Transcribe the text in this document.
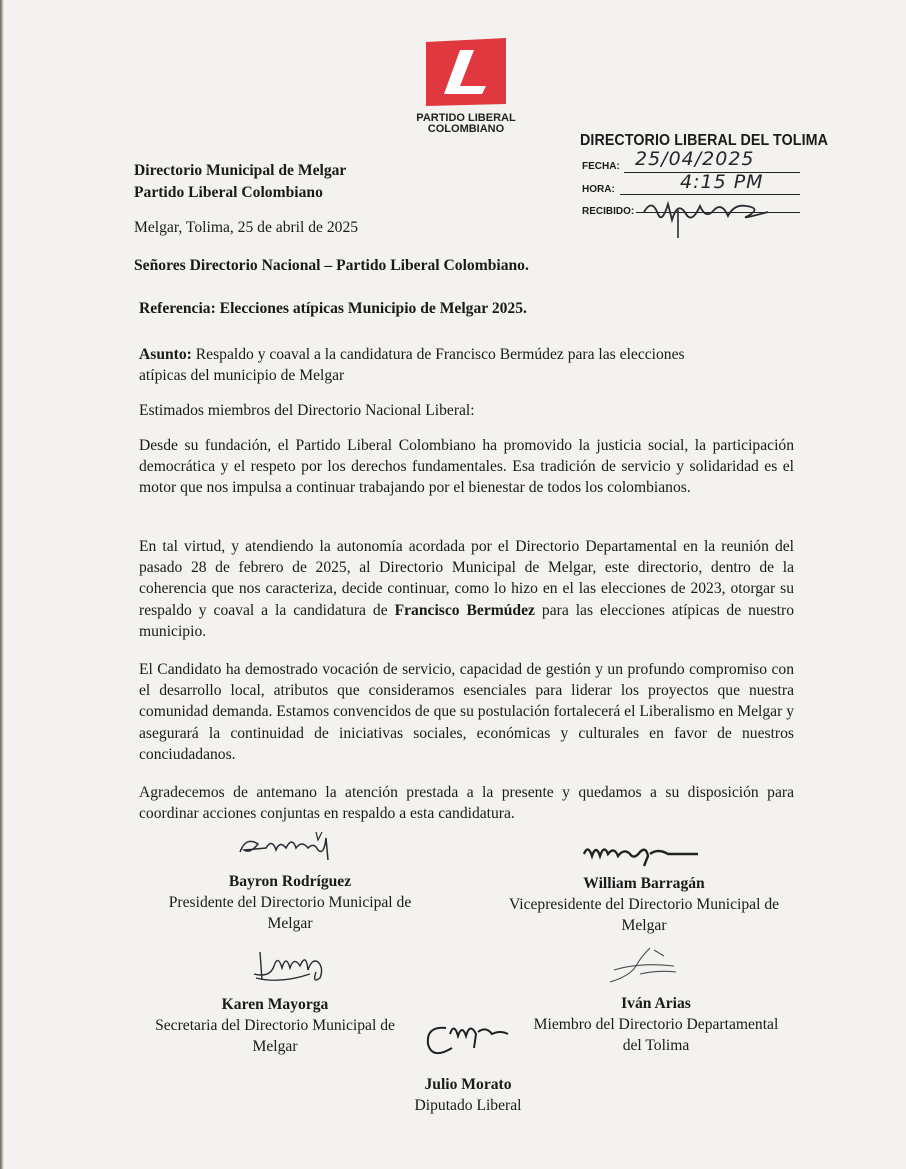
PARTIDO LIBERAL
COLOMBIANO
DIRECTORIO LIBERAL DEL TOLIMA
FECHA: 25/04/2025
HORA:	4:15 PM
RECIBIDO:
Directorio Municipal de Melgar
Partido Liberal Colombiano
Melgar, Tolima, 25 de abril de 2025
Señores Directorio Nacional – Partido Liberal Colombiano.
Referencia: Elecciones atípicas Municipio de Melgar 2025.
Asunto: Respaldo y coaval a la candidatura de Francisco Bermúdez para las elecciones
atípicas del municipio de Melgar
Estimados miembros del Directorio Nacional Liberal:
Desde su fundación, el Partido Liberal Colombiano ha promovido la justicia social, la participación democrática y el respeto por los derechos fundamentales. Esa tradición de servicio y solidaridad es el motor que nos impulsa a continuar trabajando por el bienestar de todos los colombianos.
En tal virtud, y atendiendo la autonomía acordada por el Directorio Departamental en la reunión del pasado 28 de febrero de 2025, al Directorio Municipal de Melgar, este directorio, dentro de la coherencia que nos caracteriza, decide continuar, como lo hizo en el las elecciones de 2023, otorgar su respaldo y coaval a la candidatura de Francisco Bermúdez para las elecciones atípicas de nuestro municipio.
El Candidato ha demostrado vocación de servicio, capacidad de gestión y un profundo compromiso con el desarrollo local, atributos que consideramos esenciales para liderar los proyectos que nuestra comunidad demanda. Estamos convencidos de que su postulación fortalecerá el Liberalismo en Melgar y asegurará la continuidad de iniciativas sociales, económicas y culturales en favor de nuestros conciudadanos.
Agradecemos de antemano la atención prestada a la presente y quedamos a su disposición para coordinar acciones conjuntas en respaldo a esta candidatura.
Bayron Rodríguez
Presidente del Directorio Municipal de
Melgar
William Barragán
Vicepresidente del Directorio Municipal de
Melgar
Karen Mayorga
Secretaria del Directorio Municipal de
Melgar
Iván Arias
Miembro del Directorio Departamental
del Tolima
Julio Morato
Diputado Liberal
